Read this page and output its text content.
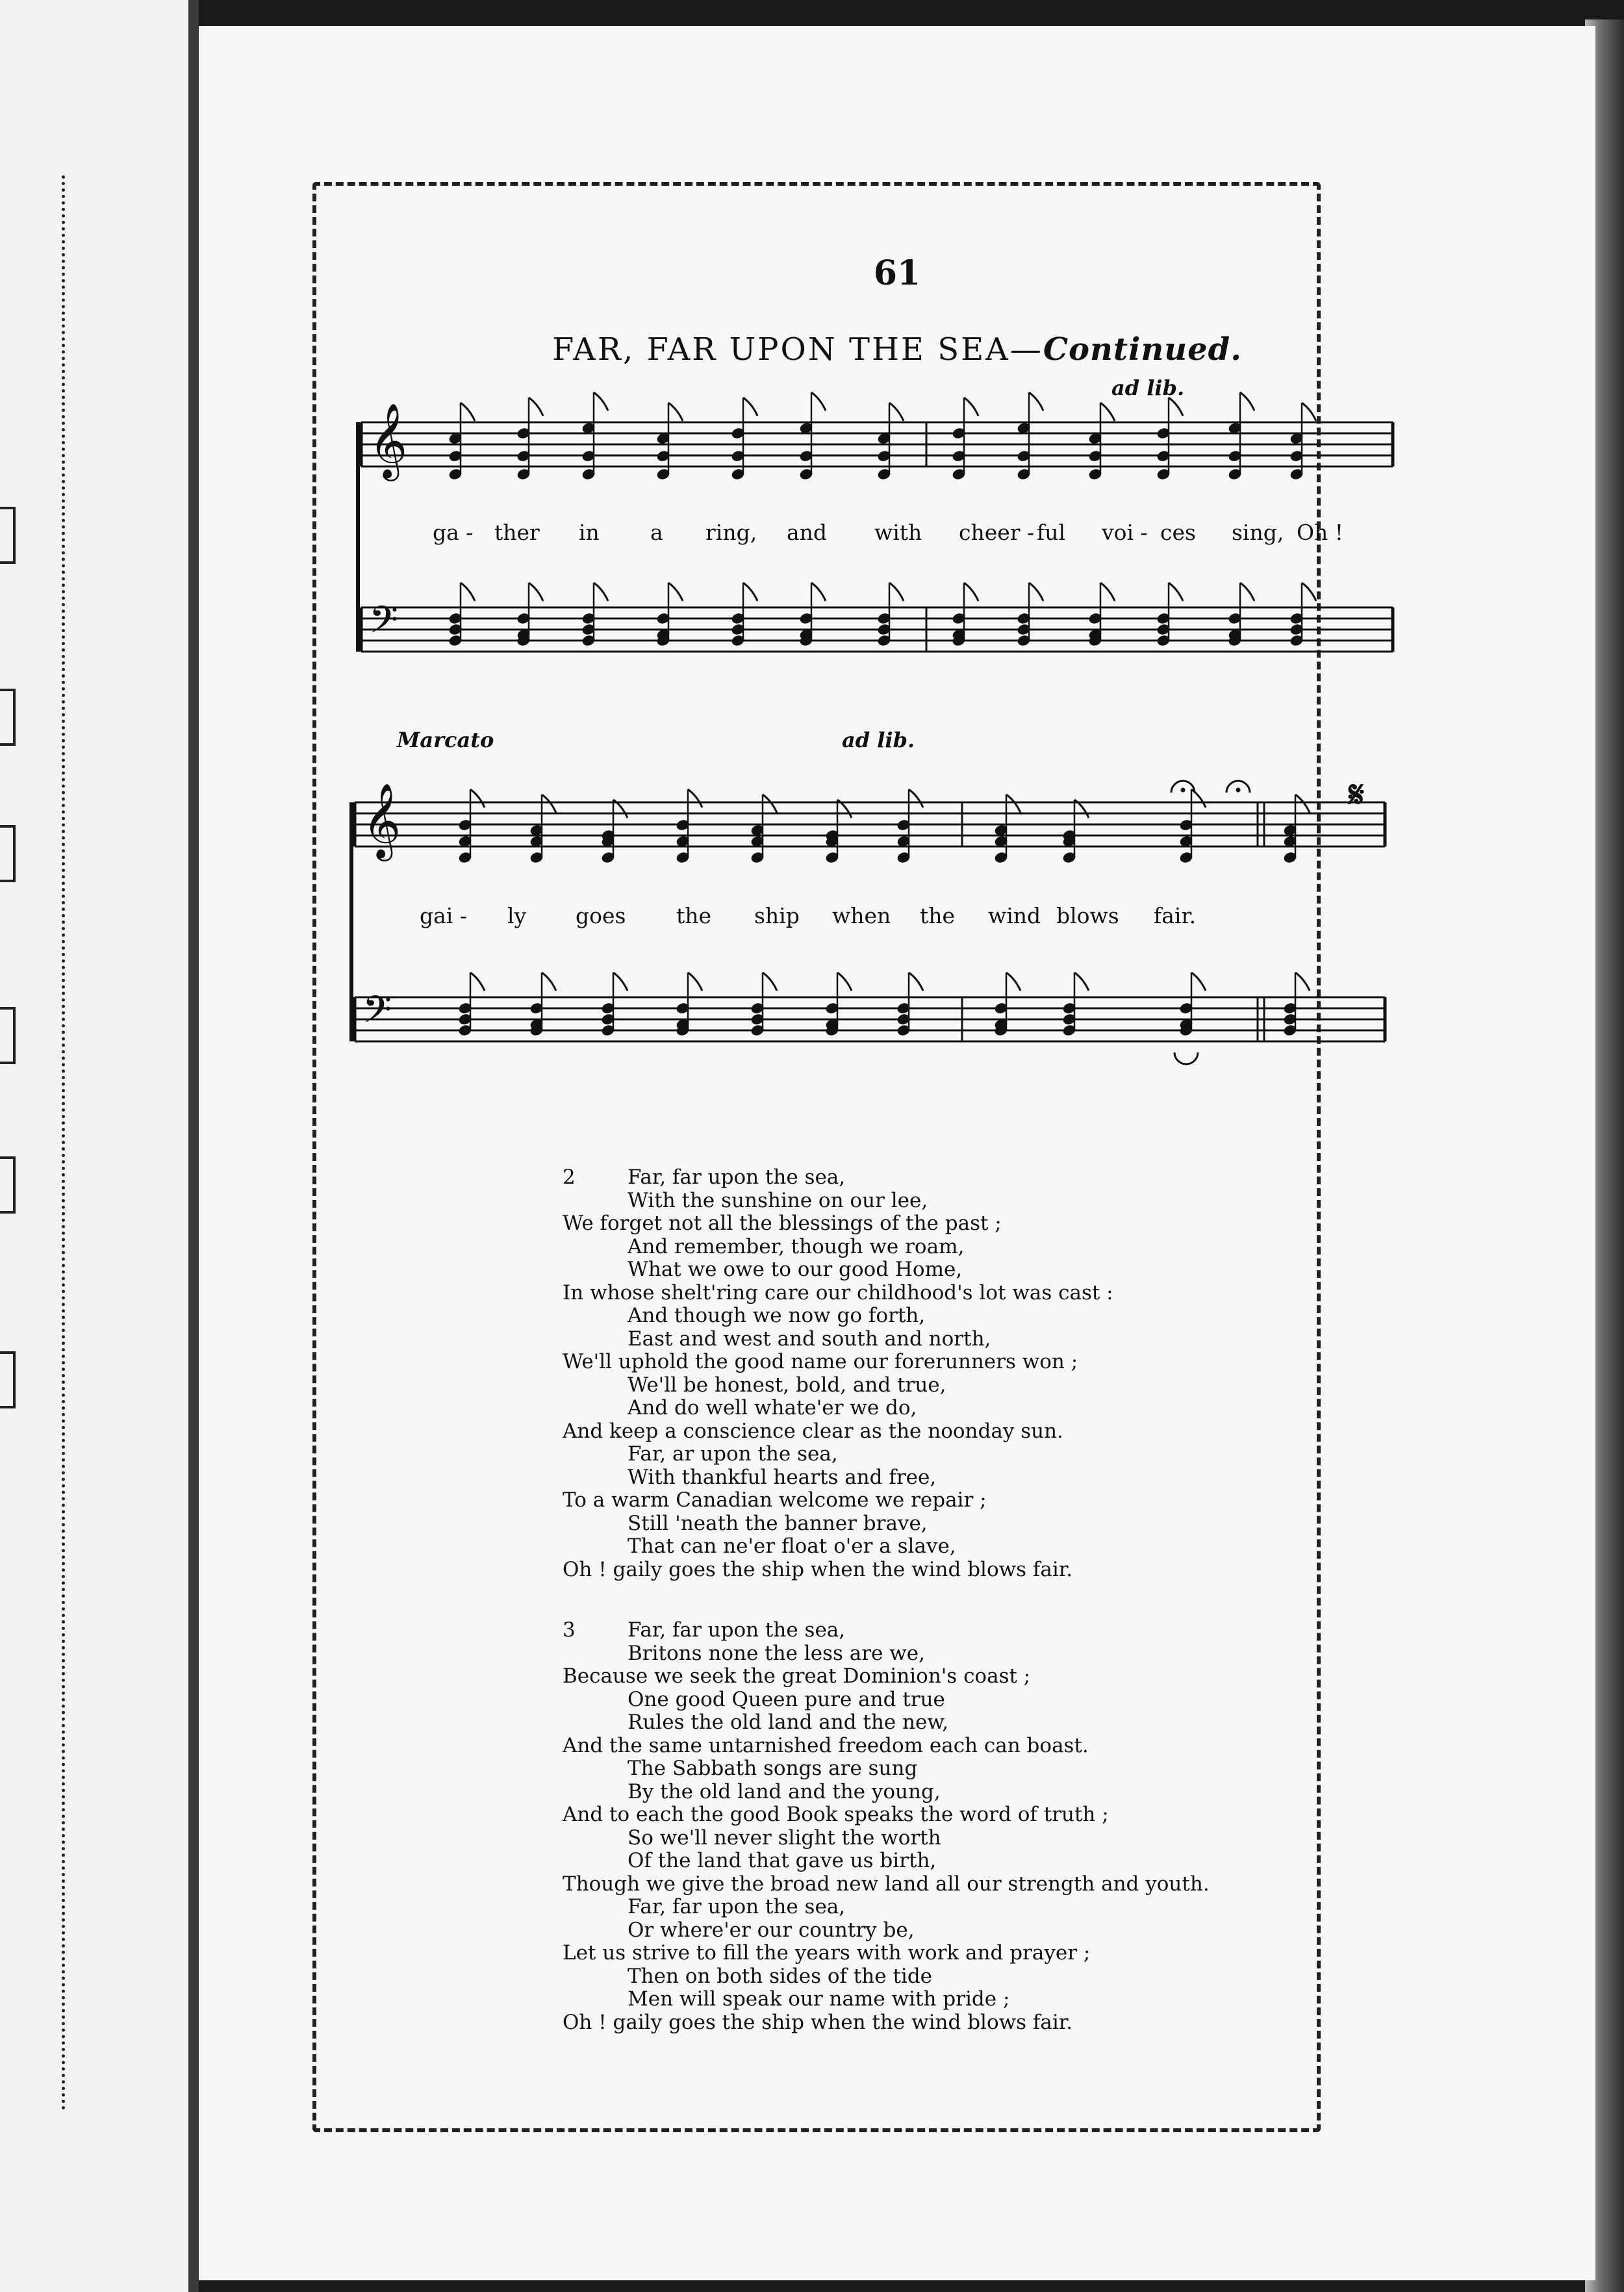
61
FAR, FAR UPON THE SEA—Continued.
ad lib.
Marcato	ad lib.
𝄋
𝄞
𝄢
𝄞
𝄢
ga - ther in a ring, and with cheer - ful voi - ces sing, Oh !
gai - ly goes the ship when the wind blows fair.
2	Far, far upon the sea,
With the sunshine on our lee,
We forget not all the blessings of the past ;
And remember, though we roam,
What we owe to our good Home,
In whose shelt'ring care our childhood's lot was cast :
And though we now go forth,
East and west and south and north,
We'll uphold the good name our forerunners won ;
We'll be honest, bold, and true,
And do well whate'er we do,
And keep a conscience clear as the noonday sun.
Far, ar upon the sea,
With thankful hearts and free,
To a warm Canadian welcome we repair ;
Still 'neath the banner brave,
That can ne'er float o'er a slave,
Oh ! gaily goes the ship when the wind blows fair.
3	Far, far upon the sea,
Britons none the less are we,
Because we seek the great Dominion's coast ;
One good Queen pure and true
Rules the old land and the new,
And the same untarnished freedom each can boast.
The Sabbath songs are sung
By the old land and the young,
And to each the good Book speaks the word of truth ;
So we'll never slight the worth
Of the land that gave us birth,
Though we give the broad new land all our strength and youth.
Far, far upon the sea,
Or where'er our country be,
Let us strive to fill the years with work and prayer ;
Then on both sides of the tide
Men will speak our name with pride ;
Oh ! gaily goes the ship when the wind blows fair.
